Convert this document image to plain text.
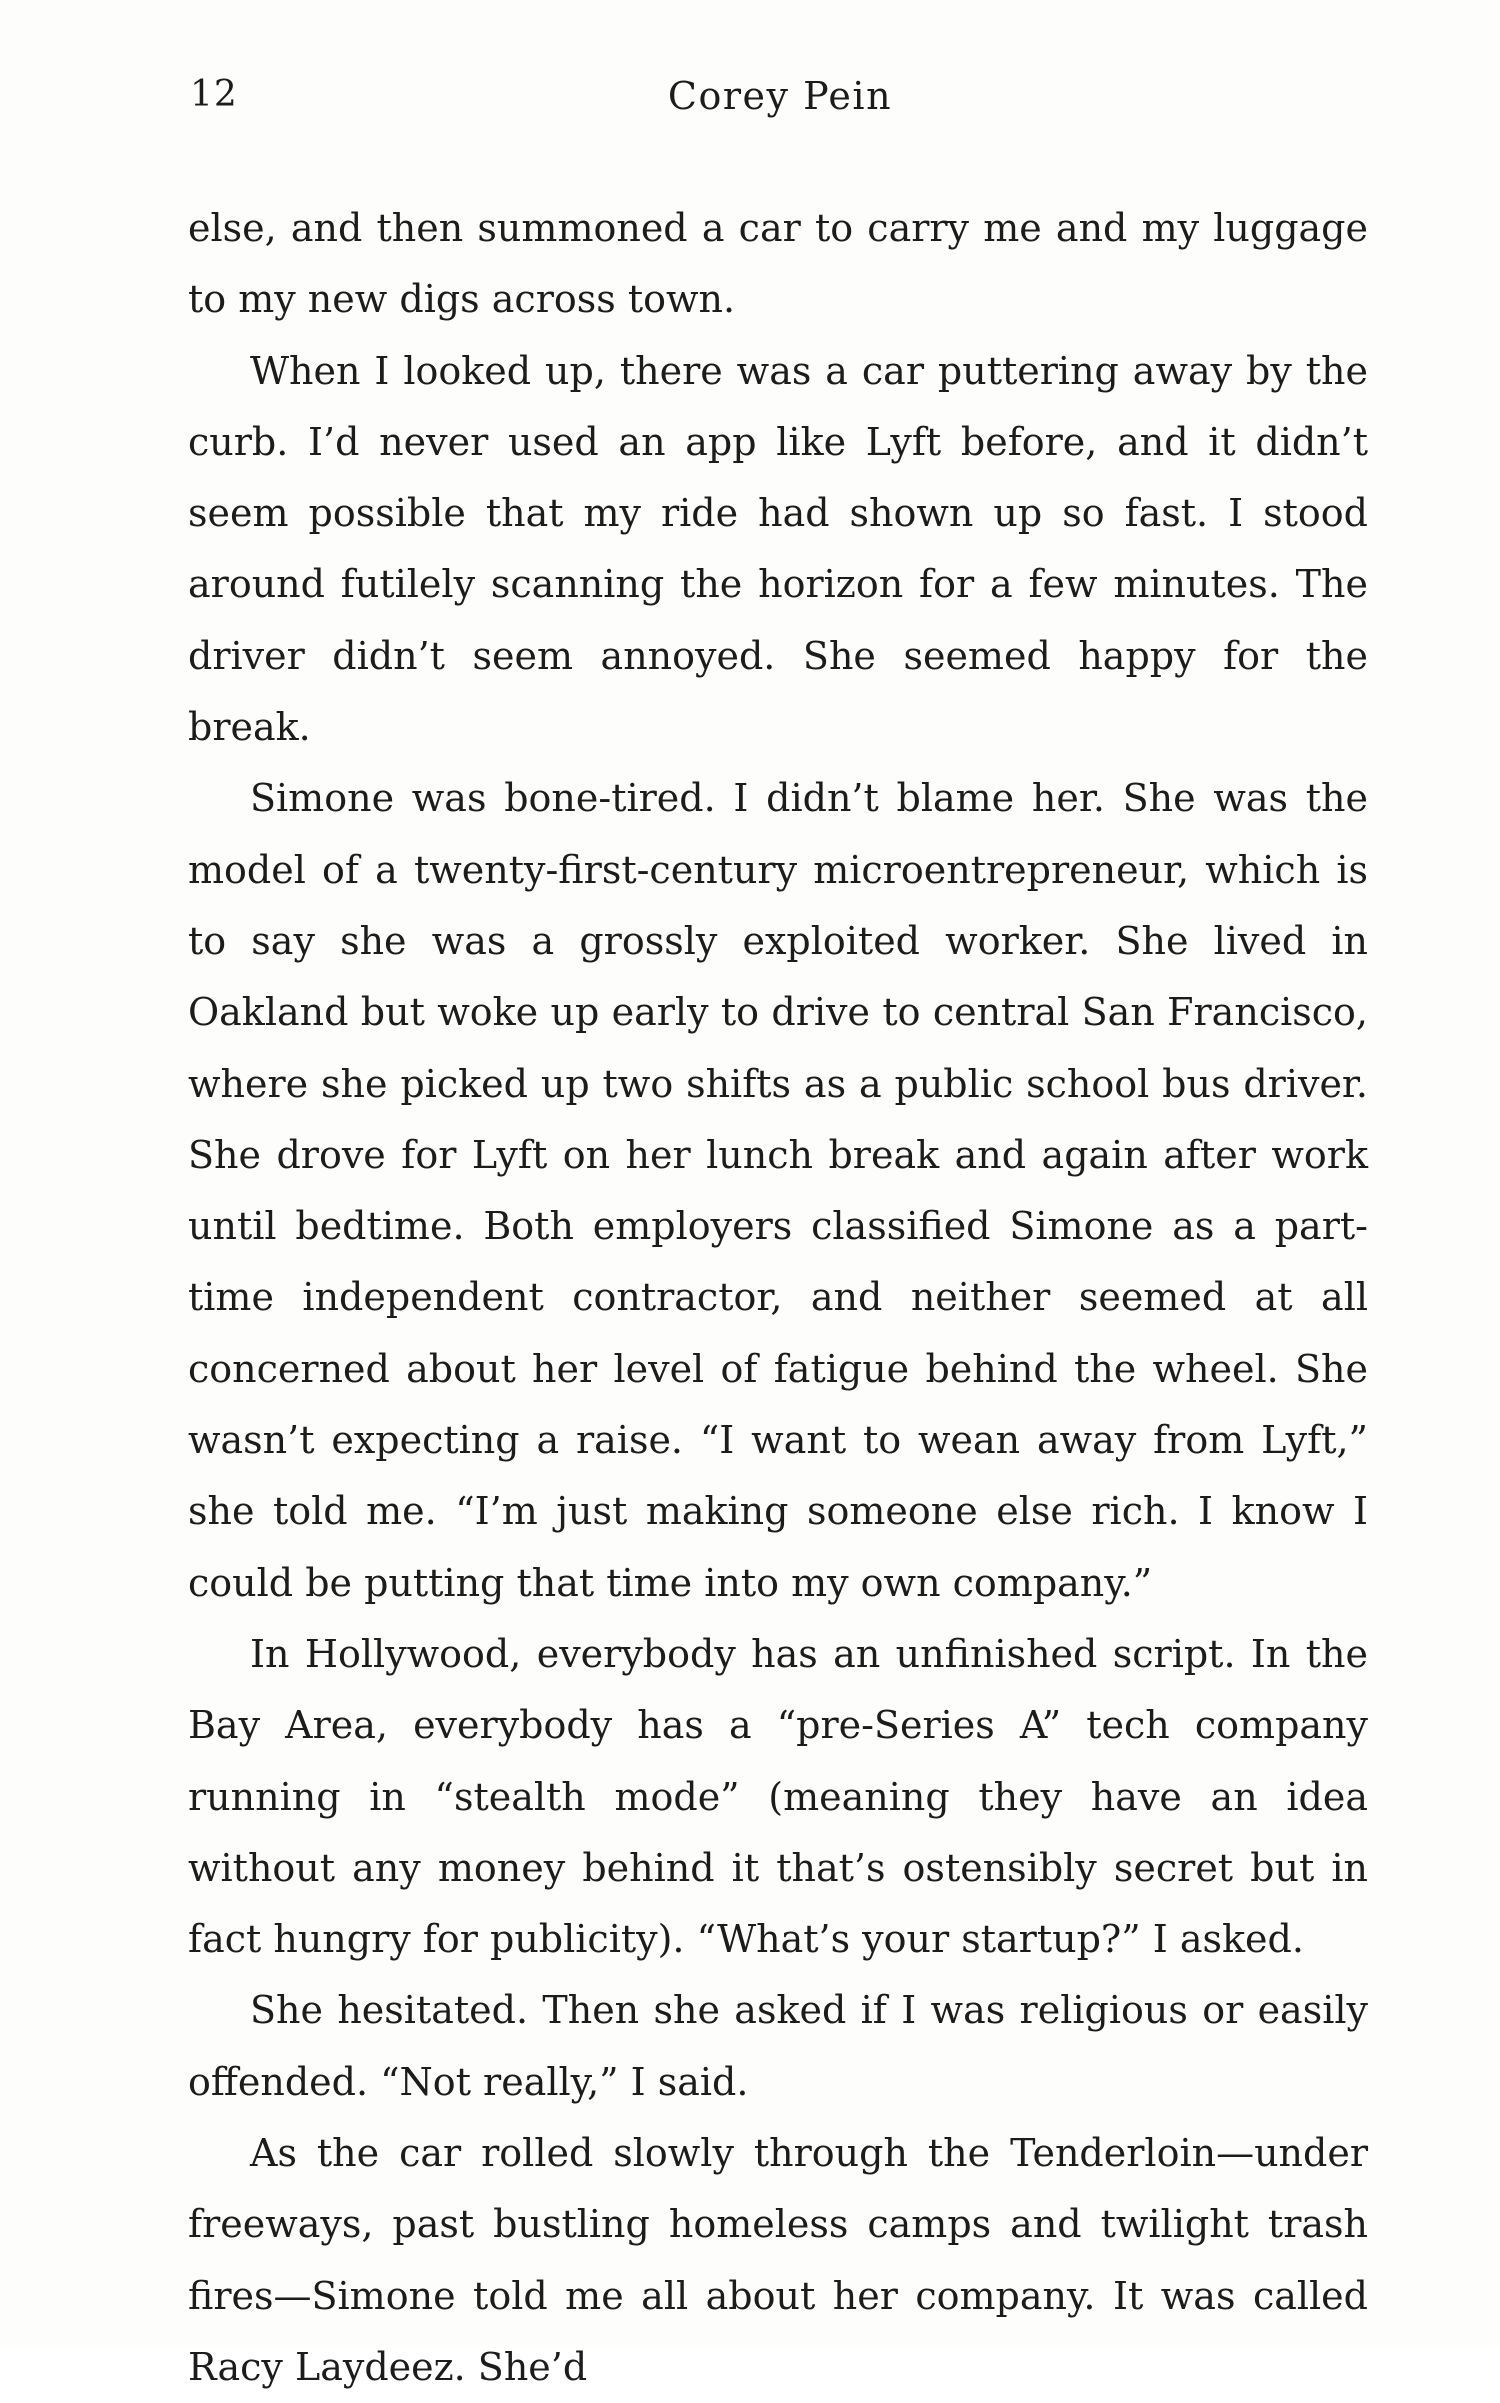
12	Corey Pein

else, and then summoned a car to carry me and my luggage to my new digs across town.

When I looked up, there was a car puttering away by the curb. I’d never used an app like Lyft before, and it didn’t seem possible that my ride had shown up so fast. I stood around futilely scanning the horizon for a few minutes. The driver didn’t seem annoyed. She seemed happy for the break.

Simone was bone-tired. I didn’t blame her. She was the model of a twenty-first-century microentrepreneur, which is to say she was a grossly exploited worker. She lived in Oakland but woke up early to drive to central San Francisco, where she picked up two shifts as a public school bus driver. She drove for Lyft on her lunch break and again after work until bedtime. Both employers classified Simone as a part-time independent contractor, and neither seemed at all concerned about her level of fatigue behind the wheel. She wasn’t expecting a raise. “I want to wean away from Lyft,” she told me. “I’m just making someone else rich. I know I could be putting that time into my own company.”

In Hollywood, everybody has an unfinished script. In the Bay Area, everybody has a “pre-Series A” tech company running in “stealth mode” (meaning they have an idea without any money behind it that’s ostensibly secret but in fact hungry for publicity). “What’s your startup?” I asked.

She hesitated. Then she asked if I was religious or easily offended. “Not really,” I said.

As the car rolled slowly through the Tenderloin—under freeways, past bustling homeless camps and twilight trash fires—Simone told me all about her company. It was called Racy Laydeez. She’d
